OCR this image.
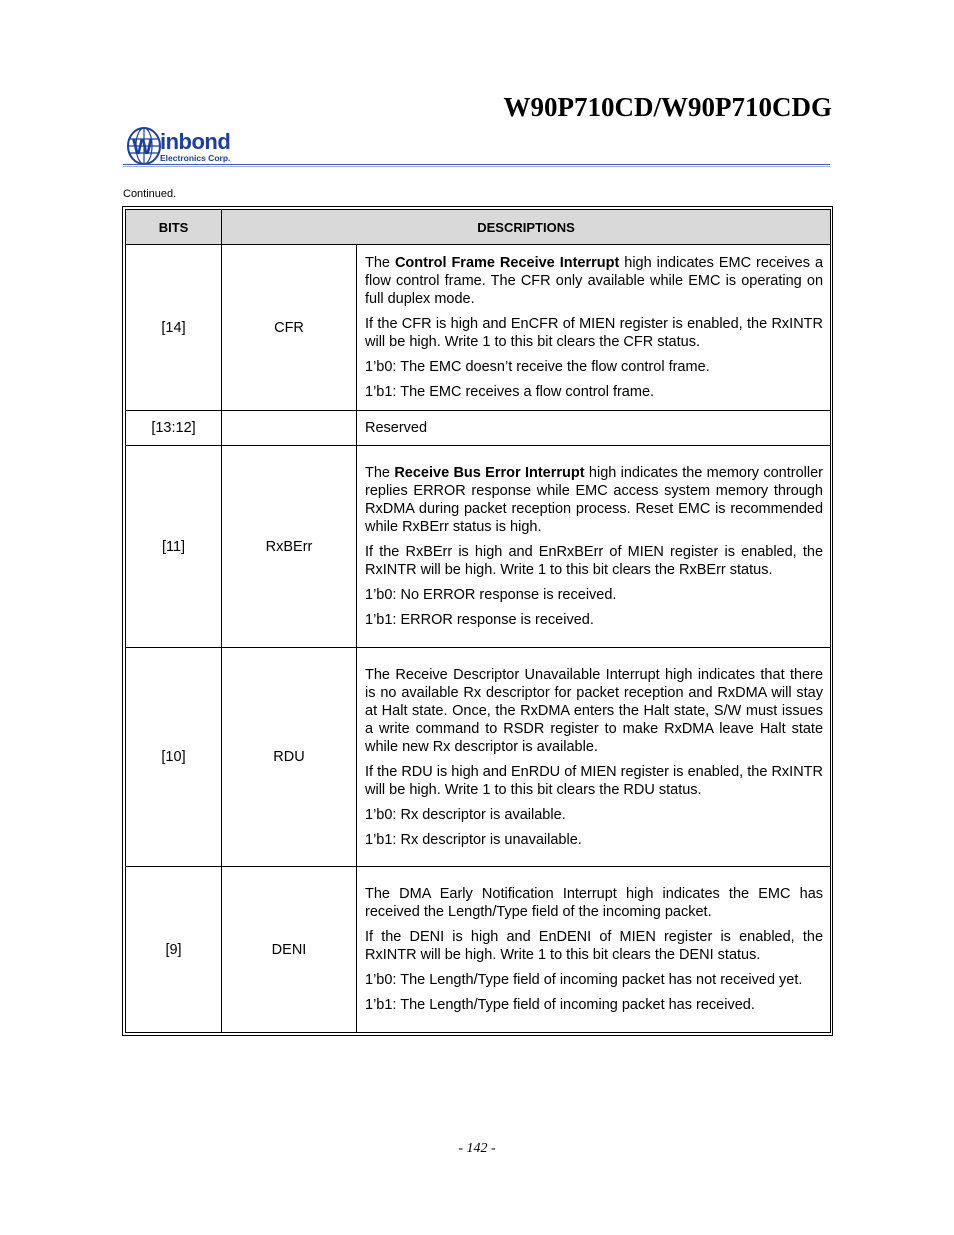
W90P710CD/W90P710CDG
W inbond
Electronics Corp.
Continued.
BITS	DESCRIPTIONS	
[14]	CFR	The Control Frame Receive Interrupt high indicates EMC receives a flow control frame. The CFR only available while EMC is operating on full duplex mode.

If the CFR is high and EnCFR of MIEN register is enabled, the RxINTR will be high. Write 1 to this bit clears the CFR status.

1’b0: The EMC doesn’t receive the flow control frame.

1’b1: The EMC receives a flow control frame.

[13:12]		Reserved

[11]	RxBErr	The Receive Bus Error Interrupt high indicates the memory controller replies ERROR response while EMC access system memory through RxDMA during packet reception process. Reset EMC is recommended while RxBErr status is high.

If the RxBErr is high and EnRxBErr of MIEN register is enabled, the RxINTR will be high. Write 1 to this bit clears the RxBErr status.

1’b0: No ERROR response is received.

1’b1: ERROR response is received.

[10]	RDU	The Receive Descriptor Unavailable Interrupt high indicates that there is no available Rx descriptor for packet reception and RxDMA will stay at Halt state. Once, the RxDMA enters the Halt state, S/W must issues a write command to RSDR register to make RxDMA leave Halt state while new Rx descriptor is available.

If the RDU is high and EnRDU of MIEN register is enabled, the RxINTR will be high. Write 1 to this bit clears the RDU status.

1’b0: Rx descriptor is available.

1’b1: Rx descriptor is unavailable.

[9]	DENI	The DMA Early Notification Interrupt high indicates the EMC has received the Length/Type field of the incoming packet.

If the DENI is high and EnDENI of MIEN register is enabled, the RxINTR will be high. Write 1 to this bit clears the DENI status.

1’b0: The Length/Type field of incoming packet has not received yet.

1’b1: The Length/Type field of incoming packet has received.

- 142 -
